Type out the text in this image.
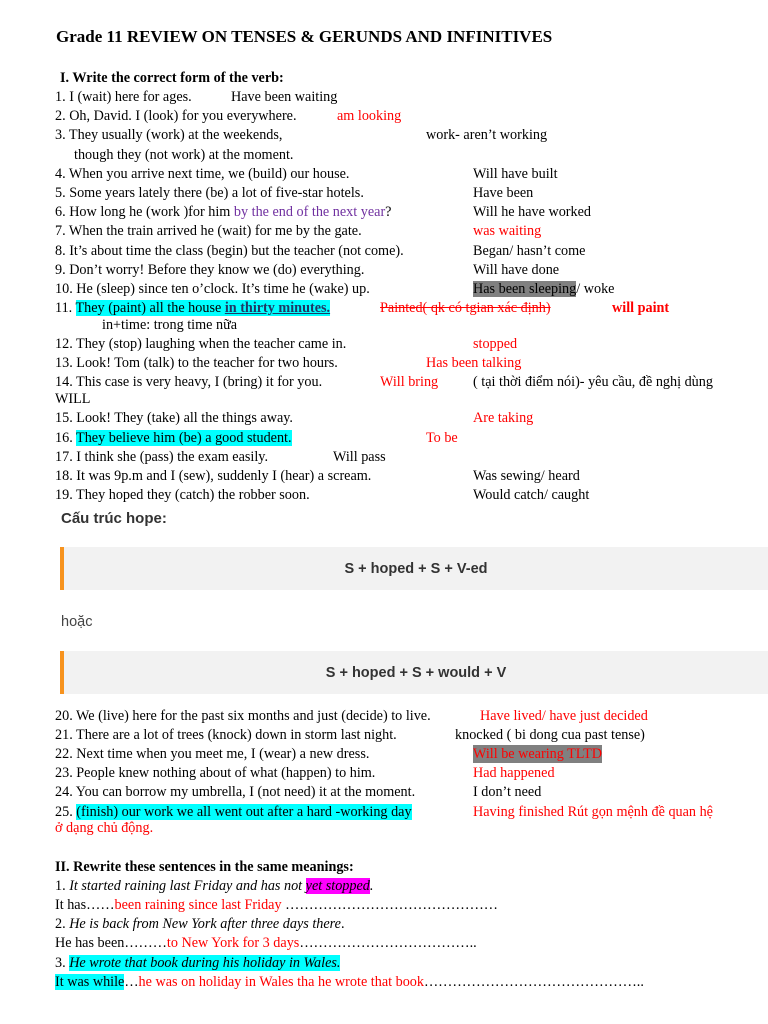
Grade 11 REVIEW ON TENSES & GERUNDS AND INFINITIVES
I. Write the correct form of the verb:
1. I (wait) here for ages.	Have been waiting
2. Oh, David. I (look) for you everywhere.	am looking
3. They usually (work) at the weekends,	work- aren’t working
though they (not work) at the moment.
4. When you arrive next time, we (build) our house.	Will have built
5. Some years lately there (be) a lot of five-star hotels.	Have been
6. How long he (work )for him by the end of the next year?	Will he have worked
7. When the train arrived he (wait) for me by the gate.	was waiting
8. It’s about time the class (begin) but the teacher (not come).	Began/ hasn’t come
9. Don’t worry! Before they know we (do) everything.	Will have done
10. He (sleep) since ten o’clock. It’s time he (wake) up.	Has been sleeping/ woke
11. They (paint) all the house in thirty minutes.	Painted( qk có tgian xác định)	will paint
in+time: trong time nữa
12. They (stop) laughing when the teacher came in.	stopped
13. Look! Tom (talk) to the teacher for two hours.	Has been talking
14. This case is very heavy, I (bring) it for you.	Will bring ( tại thời điểm nói)- yêu cầu, đề nghị dùng
WILL
15. Look! They (take) all the things away.	Are taking
16. They believe him (be) a good student.	To be
17. I think she (pass) the exam easily.	Will pass
18. It was 9p.m and I (sew), suddenly I (hear) a scream.	Was sewing/ heard
19. They hoped they (catch) the robber soon.	Would catch/ caught
Cấu trúc hope:
S + hoped + S + V-ed
hoặc
S + hoped + S + would + V
20. We (live) here for the past six months and just (decide) to live.	Have lived/ have just decided
21. There are a lot of trees (knock) down in storm last night.	knocked ( bi dong cua past tense)
22. Next time when you meet me, I (wear) a new dress.	Will be wearing TLTD
23. People knew nothing about of what (happen) to him.	Had happened
24. You can borrow my umbrella, I (not need) it at the moment.	I don’t need
25. (finish) our work we all went out after a hard -working day	Having finished Rút gọn mệnh đề quan hệ
ở dạng chủ động.
II. Rewrite these sentences in the same meanings:
1. It started raining last Friday and has not yet stopped.
It has……been raining since last Friday ………………………………………
2. He is back from New York after three days there.
He has been………to New York for 3 days………………………………..
3. He wrote that book during his holiday in Wales.
It was while…he was on holiday in Wales tha he wrote that book………………………………………..
